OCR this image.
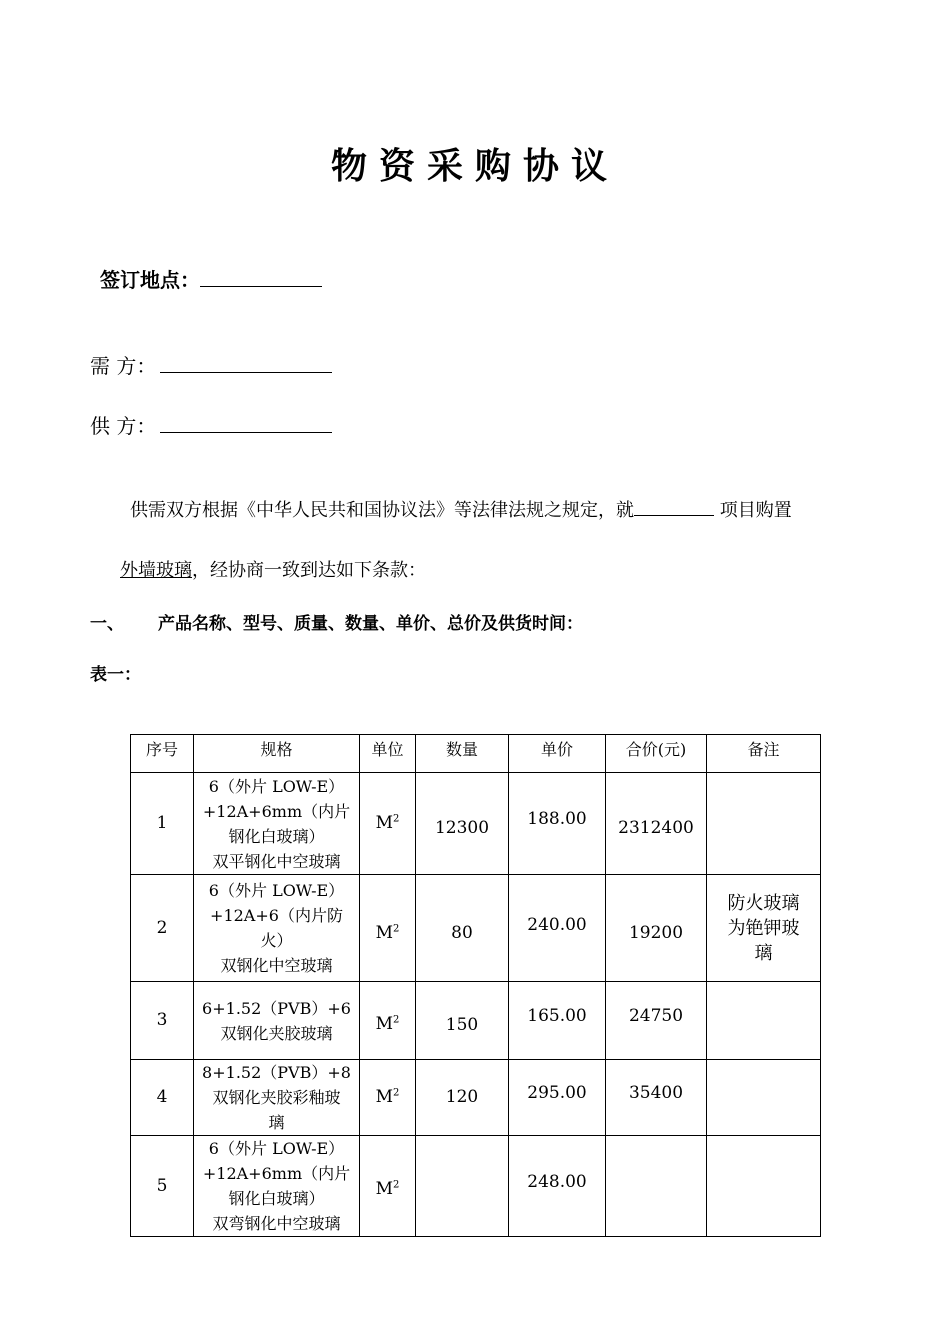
物资采购协议
签订地点：
需 方：
供 方：
供需双方根据《中华人民共和国协议法》等法律法规之规定，就	项目购置
外墙玻璃，经协商一致到达如下条款：
一、 产品名称、型号、质量、数量、单价、总价及供货时间：
表一：
序号	规格	单位	数量	单价	合价(元)	备注
1	6（外片 LOW-E）
+12A+6mm（内片
钢化白玻璃）
双平钢化中空玻璃	$M^2$	12300	188.00	2312400	
2	6（外片 LOW-E）
+12A+6（内片防
火）
双钢化中空玻璃	$M^2$	80	240.00	19200	防火玻璃为铯钾玻璃
3	6+1.52（PVB）+6
双钢化夹胶玻璃	$M^2$	150	165.00	24750	
4	8+1.52（PVB）+8
双钢化夹胶彩釉玻
璃	$M^2$	120	295.00	35400	
5	6（外片 LOW-E）
+12A+6mm（内片
钢化白玻璃）
双弯钢化中空玻璃	$M^2$		248.00		
